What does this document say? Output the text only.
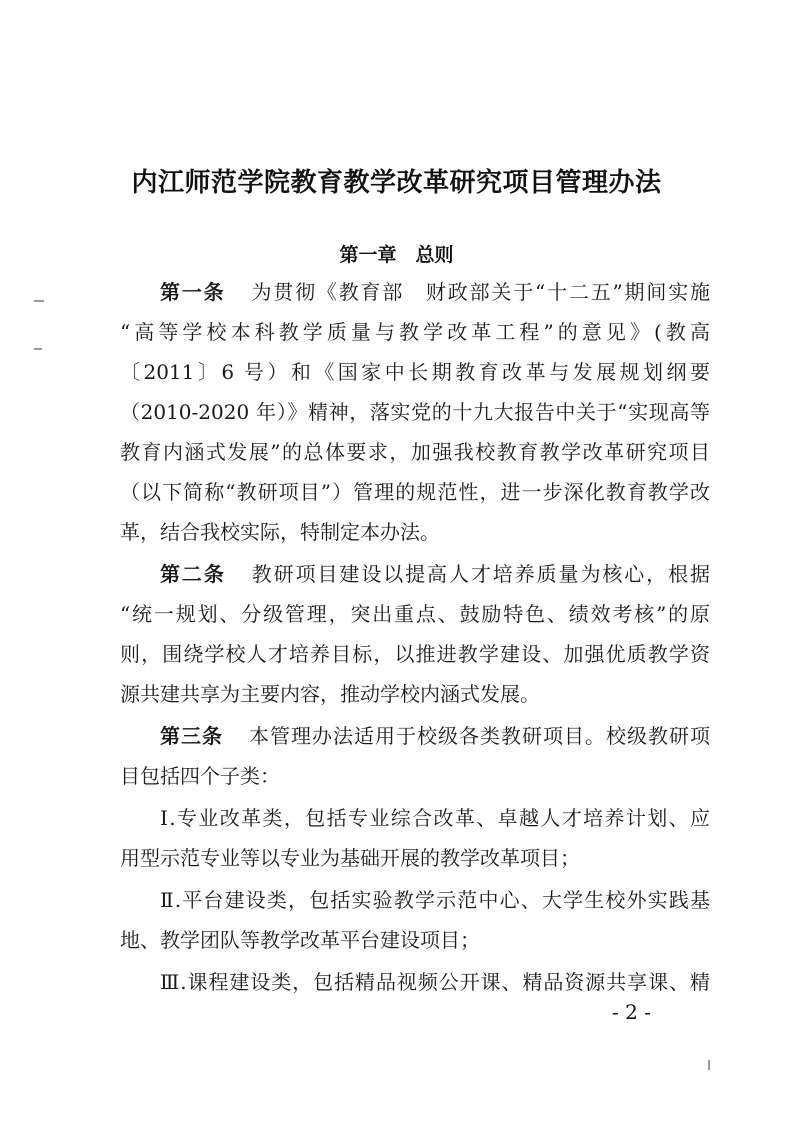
内江师范学院教育教学改革研究项目管理办法
第一章　总则
第一条 为贯彻《教育部　财政部关于“十二五”期间实施
“高等学校本科教学质量与教学改革工程”的意见》(教高
〔2011〕6 号）和《国家中长期教育改革与发展规划纲要
（2010-2020 年）》精神，落实党的十九大报告中关于“实现高等
教育内涵式发展”的总体要求，加强我校教育教学改革研究项目
（以下简称“教研项目”）管理的规范性，进一步深化教育教学改
革，结合我校实际，特制定本办法。
第二条 教研项目建设以提高人才培养质量为核心，根据
“统一规划、分级管理，突出重点、鼓励特色、绩效考核”的原
则，围绕学校人才培养目标，以推进教学建设、加强优质教学资
源共建共享为主要内容，推动学校内涵式发展。
第三条 本管理办法适用于校级各类教研项目。校级教研项
目包括四个子类：
Ⅰ.专业改革类，包括专业综合改革、卓越人才培养计划、应
用型示范专业等以专业为基础开展的教学改革项目；
Ⅱ.平台建设类，包括实验教学示范中心、大学生校外实践基
地、教学团队等教学改革平台建设项目；
Ⅲ.课程建设类，包括精品视频公开课、精品资源共享课、精
- 2 -
